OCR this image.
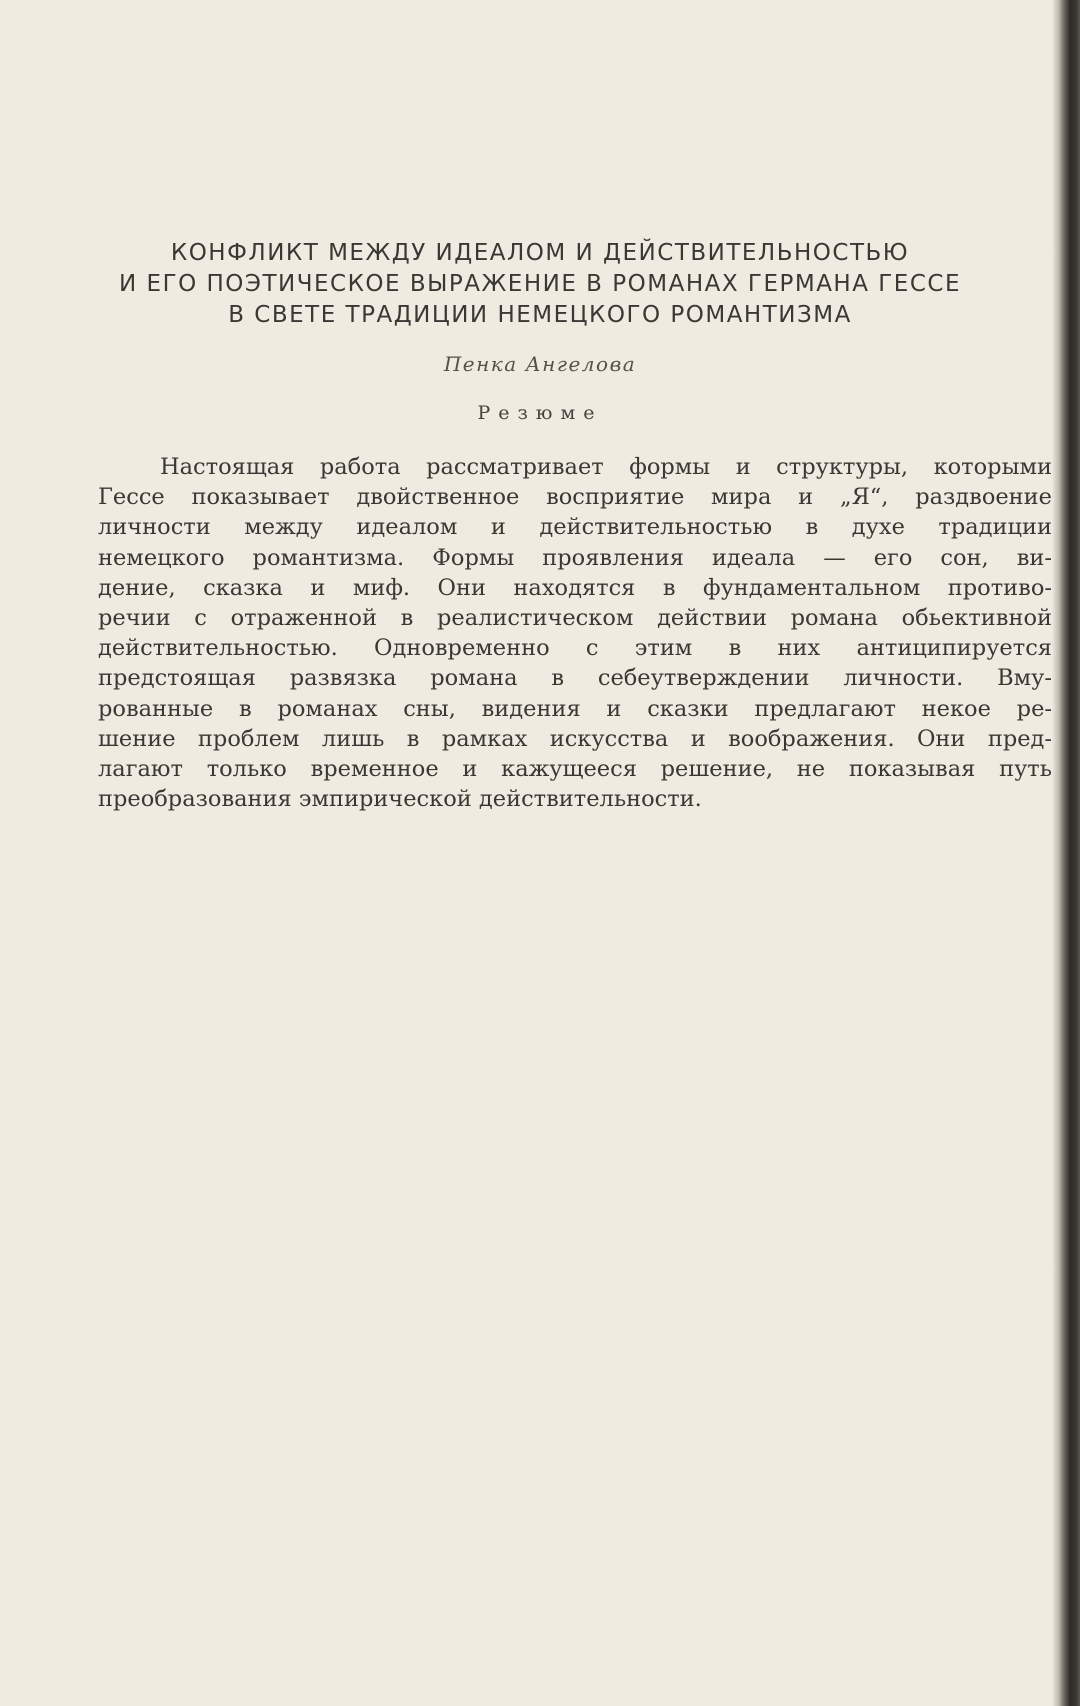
КОНФЛИКТ МЕЖДУ ИДЕАЛОМ И ДЕЙСТВИТЕЛЬНОСТЬЮ
И ЕГО ПОЭТИЧЕСКОЕ ВЫРАЖЕНИЕ В РОМАНАХ ГЕРМАНА ГЕССЕ
В СВЕТЕ ТРАДИЦИИ НЕМЕЦКОГО РОМАНТИЗМА
Пенка Ангелова
Резюме
Настоящая работа рассматривает формы и структуры, которыми
Гессе показывает двойственное восприятие мира и „Я“, раздвоение
личности между идеалом и действительностью в духе традиции
немецкого романтизма. Формы проявления идеала — его сон, ви-
дение, сказка и миф. Они находятся в фундаментальном противо-
речии с отраженной в реалистическом действии романа обьективной
действительностью. Одновременно с этим в них антиципируется
предстоящая развязка романа в себеутверждении личности. Вму-
рованные в романах сны, видения и сказки предлагают некое ре-
шение проблем лишь в рамках искусства и воображения. Они пред-
лагают только временное и кажущееся решение, не показывая путь
преобразования эмпирической действительности.
